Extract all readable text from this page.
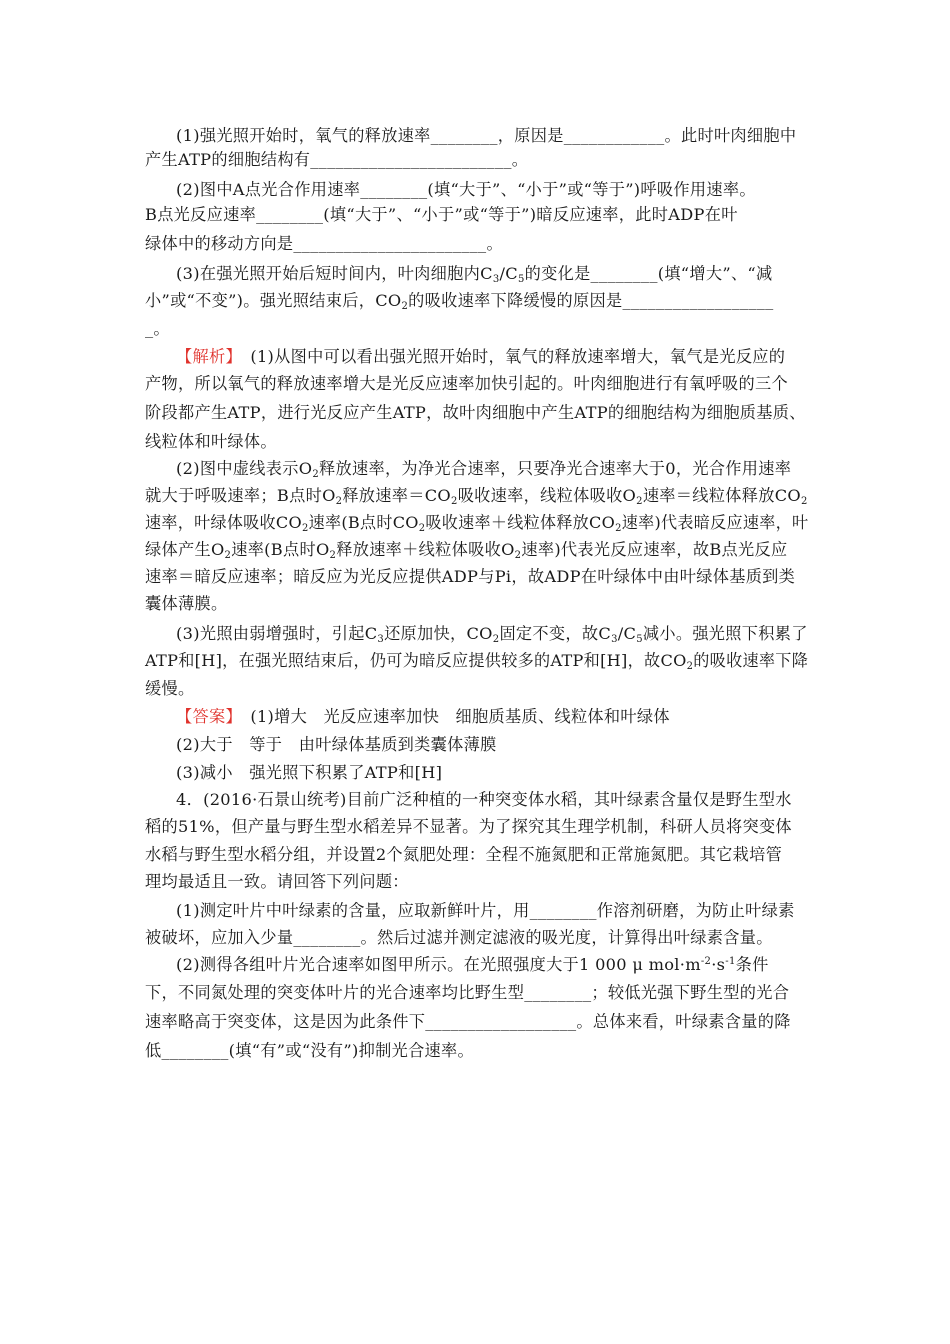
(1)强光照开始时，氧气的释放速率________，原因是____________。此时叶肉细胞中
产生ATP的细胞结构有________________________。
(2)图中A点光合作用速率________(填“大于”、“小于”或“等于”)呼吸作用速率。
B点光反应速率________(填“大于”、“小于”或“等于”)暗反应速率，此时ADP在叶
绿体中的移动方向是_______________________。
(3)在强光照开始后短时间内，叶肉细胞内$C_3/C_5$的变化是________(填“增大”、“减
小”或“不变”)。强光照结束后，$CO_2$的吸收速率下降缓慢的原因是__________________
_。
【解析】　(1)从图中可以看出强光照开始时，氧气的释放速率增大，氧气是光反应的
产物，所以氧气的释放速率增大是光反应速率加快引起的。叶肉细胞进行有氧呼吸的三个
阶段都产生ATP，进行光反应产生ATP，故叶肉细胞中产生ATP的细胞结构为细胞质基质、
线粒体和叶绿体。
(2)图中虚线表示$O_2$释放速率，为净光合速率，只要净光合速率大于0，光合作用速率
就大于呼吸速率；B点时$O_2$释放速率$=CO_2$吸收速率，线粒体吸收$O_2$速率＝线粒体释放$CO_2$
速率，叶绿体吸收$CO_2$速率(B点时$CO_2$吸收速率＋线粒体释放$CO_2$速率)代表暗反应速率，叶
绿体产生$O_2$速率(B点时$O_2$释放速率＋线粒体吸收$O_2$速率)代表光反应速率，故B点光反应
速率＝暗反应速率；暗反应为光反应提供ADP与Pi，故ADP在叶绿体中由叶绿体基质到类
囊体薄膜。
(3)光照由弱增强时，引起$C_3$还原加快，$CO_2$固定不变，故$C_3/C_5$减小。强光照下积累了
ATP和[H]，在强光照结束后，仍可为暗反应提供较多的ATP和[H]，故$CO_2$的吸收速率下降
缓慢。
【答案】　(1)增大　光反应速率加快　细胞质基质、线粒体和叶绿体
(2)大于　等于　由叶绿体基质到类囊体薄膜
(3)减小　强光照下积累了ATP和[H]
4．(2016·石景山统考)目前广泛种植的一种突变体水稻，其叶绿素含量仅是野生型水
稻的51%，但产量与野生型水稻差异不显著。为了探究其生理学机制，科研人员将突变体
水稻与野生型水稻分组，并设置2个氮肥处理：全程不施氮肥和正常施氮肥。其它栽培管
理均最适且一致。请回答下列问题：
(1)测定叶片中叶绿素的含量，应取新鲜叶片，用________作溶剂研磨，为防止叶绿素
被破坏，应加入少量________。然后过滤并测定滤液的吸光度，计算得出叶绿素含量。
(2)测得各组叶片光合速率如图甲所示。在光照强度大于1 000 μ $mol\cdot m^{-2}\cdot s^{-1}$条件
下，不同氮处理的突变体叶片的光合速率均比野生型________；较低光强下野生型的光合
速率略高于突变体，这是因为此条件下__________________。总体来看，叶绿素含量的降
低________(填“有”或“没有”)抑制光合速率。
